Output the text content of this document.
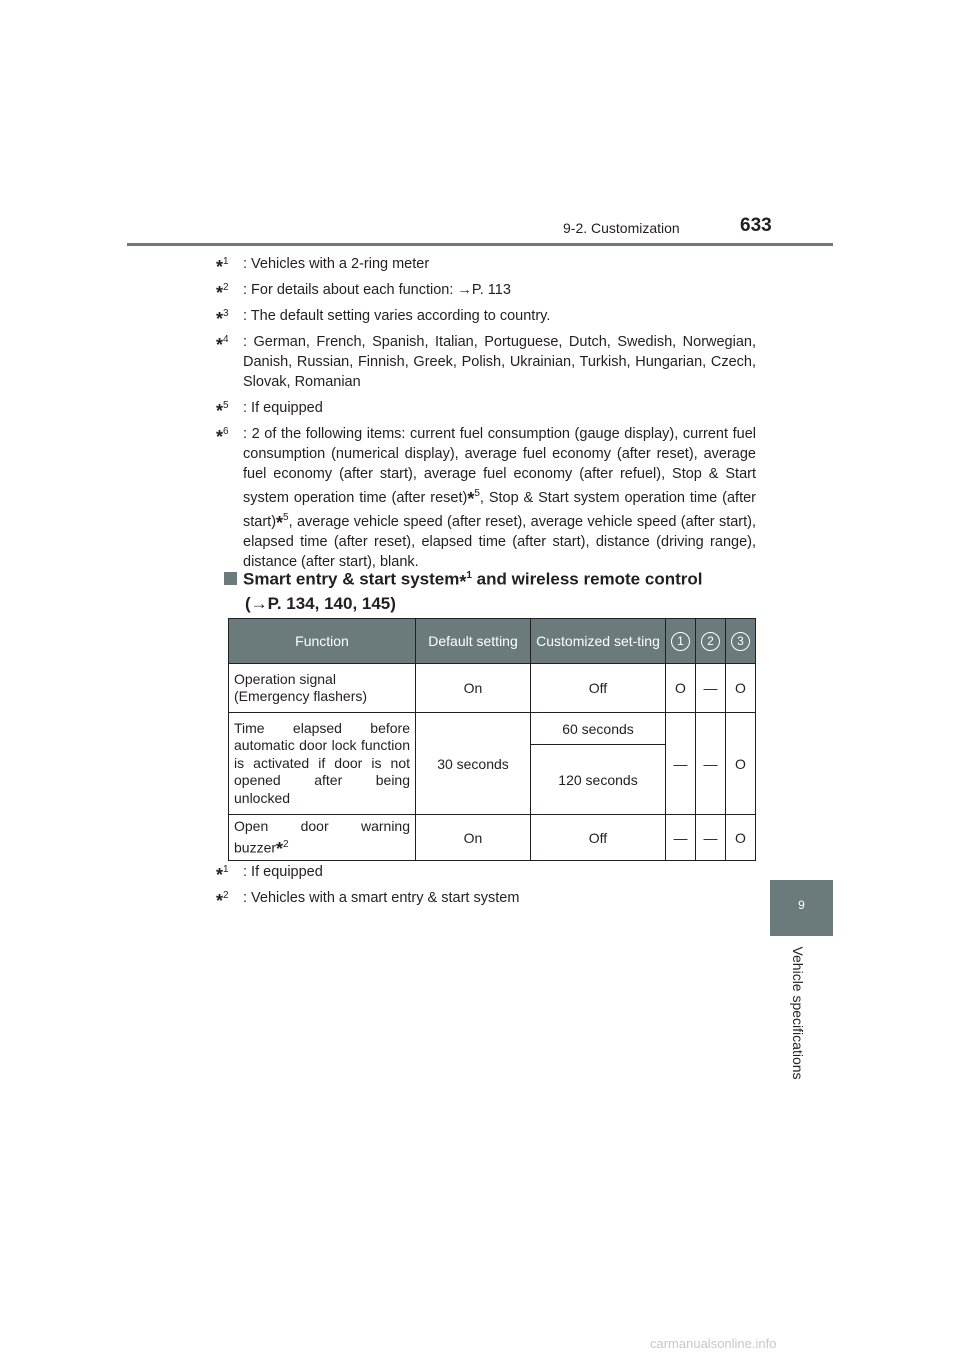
9-2. Customization	633

*$^1$ : Vehicles with a 2-ring meter

*$^2$ : For details about each function: →P. 113

*$^3$ : The default setting varies according to country.

*$^4$ : German, French, Spanish, Italian, Portuguese, Dutch, Swedish, Norwegian, Danish, Russian, Finnish, Greek, Polish, Ukrainian, Turkish, Hungarian, Czech, Slovak, Romanian

*$^5$ : If equipped

*$^6$ : 2 of the following items: current fuel consumption (gauge display), current fuel consumption (numerical display), average fuel economy (after reset), average fuel economy (after start), average fuel economy (after refuel), Stop & Start system operation time (after reset)*$^5$, Stop & Start system operation time (after start)*$^5$, average vehicle speed (after reset), average vehicle speed (after start), elapsed time (after reset), elapsed time (after start), distance (driving range), distance (after start), blank.

Smart entry & start system*$^1$ and wireless remote control
(→P. 134, 140, 145)
Function	Default setting	Customized set-ting	1	2	3
Operation signal (Emergency flashers)	On	Off	O	—	O

Time elapsed before automatic door lock function is activated if door is not opened after being unlocked	30 seconds	60 seconds	—	—	O
		120 seconds			

Open door warning buzzer*$^2$	On	Off	—	—	O

*$^1$ : If equipped

*$^2$ : Vehicles with a smart entry & start system	9
Vehicle specifications
carmanualsonline.info
